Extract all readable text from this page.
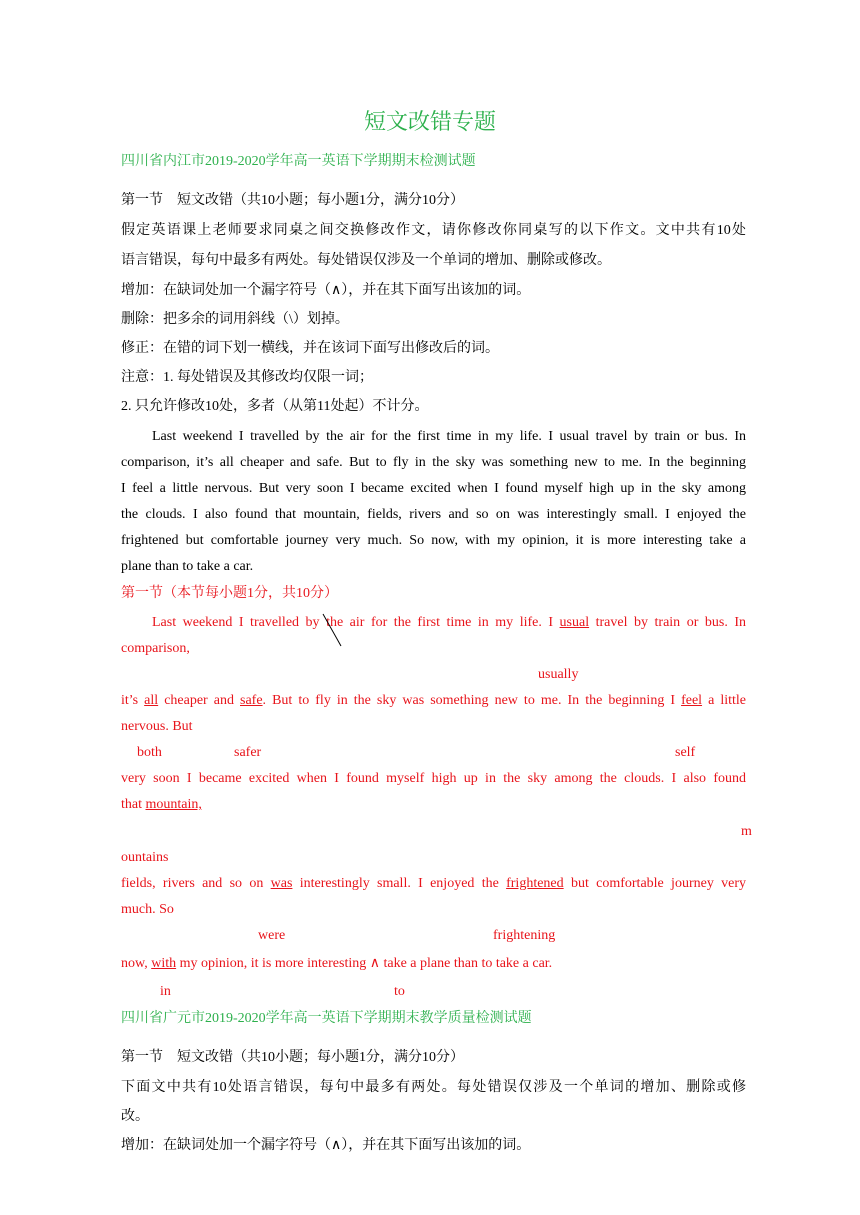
短文改错专题
四川省内江市2019-2020学年高一英语下学期期末检测试题
第一节　短文改错（共10小题；每小题1分，满分10分）
假定英语课上老师要求同桌之间交换修改作文，请你修改你同桌写的以下作文。文中共有10处
语言错误，每句中最多有两处。每处错误仅涉及一个单词的增加、删除或修改。
增加：在缺词处加一个漏字符号（∧），并在其下面写出该加的词。
删除：把多余的词用斜线（\）划掉。
修正：在错的词下划一横线，并在该词下面写出修改后的词。
注意：1. 每处错误及其修改均仅限一词；
2. 只允许修改10处，多者（从第11处起）不计分。
Last weekend I travelled by the air for the first time in my life. I usual travel by train or bus. In
comparison, it’s all cheaper and safe. But to fly in the sky was something new to me. In the beginning
I feel a little nervous. But very soon I became excited when I found myself high up in the sky among
the clouds. I also found that mountain, fields, rivers and so on was interestingly small. I enjoyed the
frightened but comfortable journey very much. So now, with my opinion, it is more interesting take a
plane than to take a car.
第一节（本节每小题1分，共10分）
Last weekend I travelled by the air for the first time in my life. I usual travel by train or bus. In
comparison,
usually
it’s all cheaper and safe. But to fly in the sky was something new to me. In the beginning I feel a little
nervous. But
both	safer	self
very soon I became excited when I found myself high up in the sky among the clouds. I also found
that mountain,
m
ountains
fields, rivers and so on was interestingly small. I enjoyed the frightened but comfortable journey very
much. So
were	frightening
now, with my opinion, it is more interesting ∧ take a plane than to take a car.
in	to
四川省广元市2019-2020学年高一英语下学期期末教学质量检测试题
第一节　短文改错（共10小题；每小题1分，满分10分）
下面文中共有10处语言错误，每句中最多有两处。每处错误仅涉及一个单词的增加、删除或修
改。
增加：在缺词处加一个漏字符号（∧），并在其下面写出该加的词。
